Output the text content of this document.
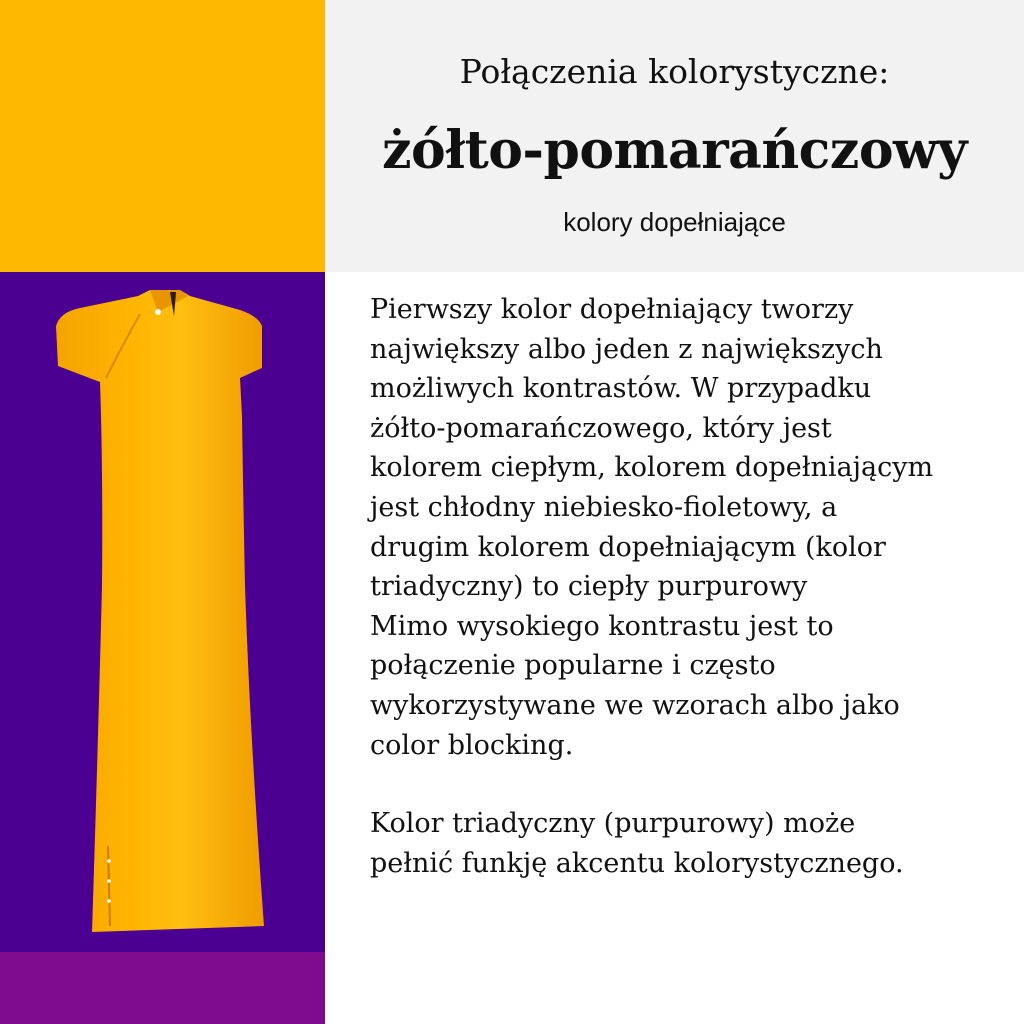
Połączenia kolorystyczne:
żółto-pomarańczowy
kolory dopełniające

Pierwszy kolor dopełniający tworzy

największy albo jeden z największych

możliwych kontrastów. W przypadku

żółto-pomarańczowego, który jest

kolorem ciepłym, kolorem dopełniającym

jest chłodny niebiesko-fioletowy, a

drugim kolorem dopełniającym (kolor

triadyczny) to ciepły purpurowy

Mimo wysokiego kontrastu jest to

połączenie popularne i często

wykorzystywane we wzorach albo jako

color blocking.

Kolor triadyczny (purpurowy) może

pełnić funkję akcentu kolorystycznego.
